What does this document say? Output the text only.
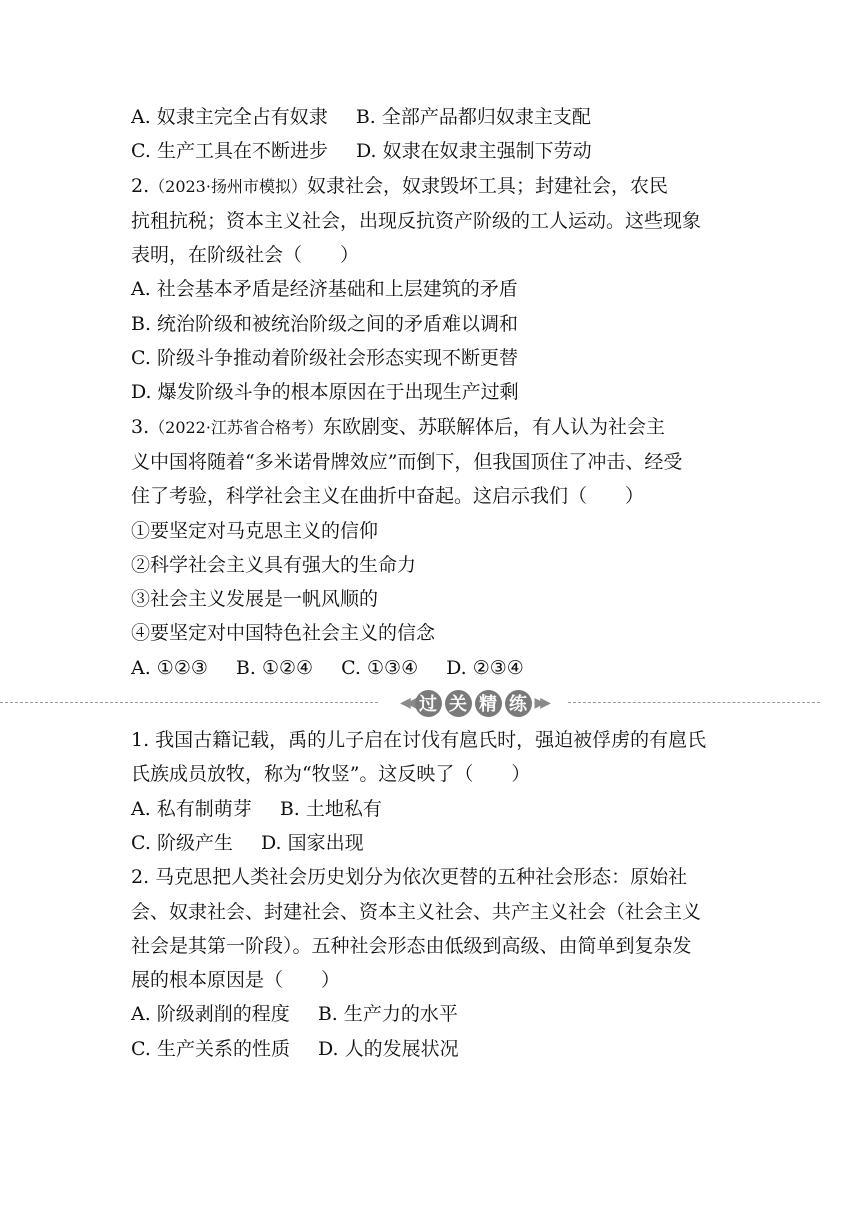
A. 奴隶主完全占有奴隶 B. 全部产品都归奴隶主支配
C. 生产工具在不断进步 D. 奴隶在奴隶主强制下劳动
2.（2023·扬州市模拟）奴隶社会，奴隶毁坏工具；封建社会，农民
抗租抗税；资本主义社会，出现反抗资产阶级的工人运动。这些现象
表明，在阶级社会（　　）
A. 社会基本矛盾是经济基础和上层建筑的矛盾
B. 统治阶级和被统治阶级之间的矛盾难以调和
C. 阶级斗争推动着阶级社会形态实现不断更替
D. 爆发阶级斗争的根本原因在于出现生产过剩
3.（2022·江苏省合格考）东欧剧变、苏联解体后，有人认为社会主
义中国将随着“多米诺骨牌效应”而倒下，但我国顶住了冲击、经受
住了考验，科学社会主义在曲折中奋起。这启示我们（　　）
①要坚定对马克思主义的信仰
②科学社会主义具有强大的生命力
③社会主义发展是一帆风顺的
④要坚定对中国特色社会主义的信念
A. ①②③ B. ①②④ C. ①③④ D. ②③④
◀◀ 过 关 精 练 ▶▶
1. 我国古籍记载，禹的儿子启在讨伐有扈氏时，强迫被俘虏的有扈氏
氏族成员放牧，称为“牧竖”。这反映了（　　）
A. 私有制萌芽 B. 土地私有
C. 阶级产生 D. 国家出现
2. 马克思把人类社会历史划分为依次更替的五种社会形态：原始社
会、奴隶社会、封建社会、资本主义社会、共产主义社会（社会主义
社会是其第一阶段）。五种社会形态由低级到高级、由简单到复杂发
展的根本原因是（　　）
A. 阶级剥削的程度 B. 生产力的水平
C. 生产关系的性质 D. 人的发展状况
